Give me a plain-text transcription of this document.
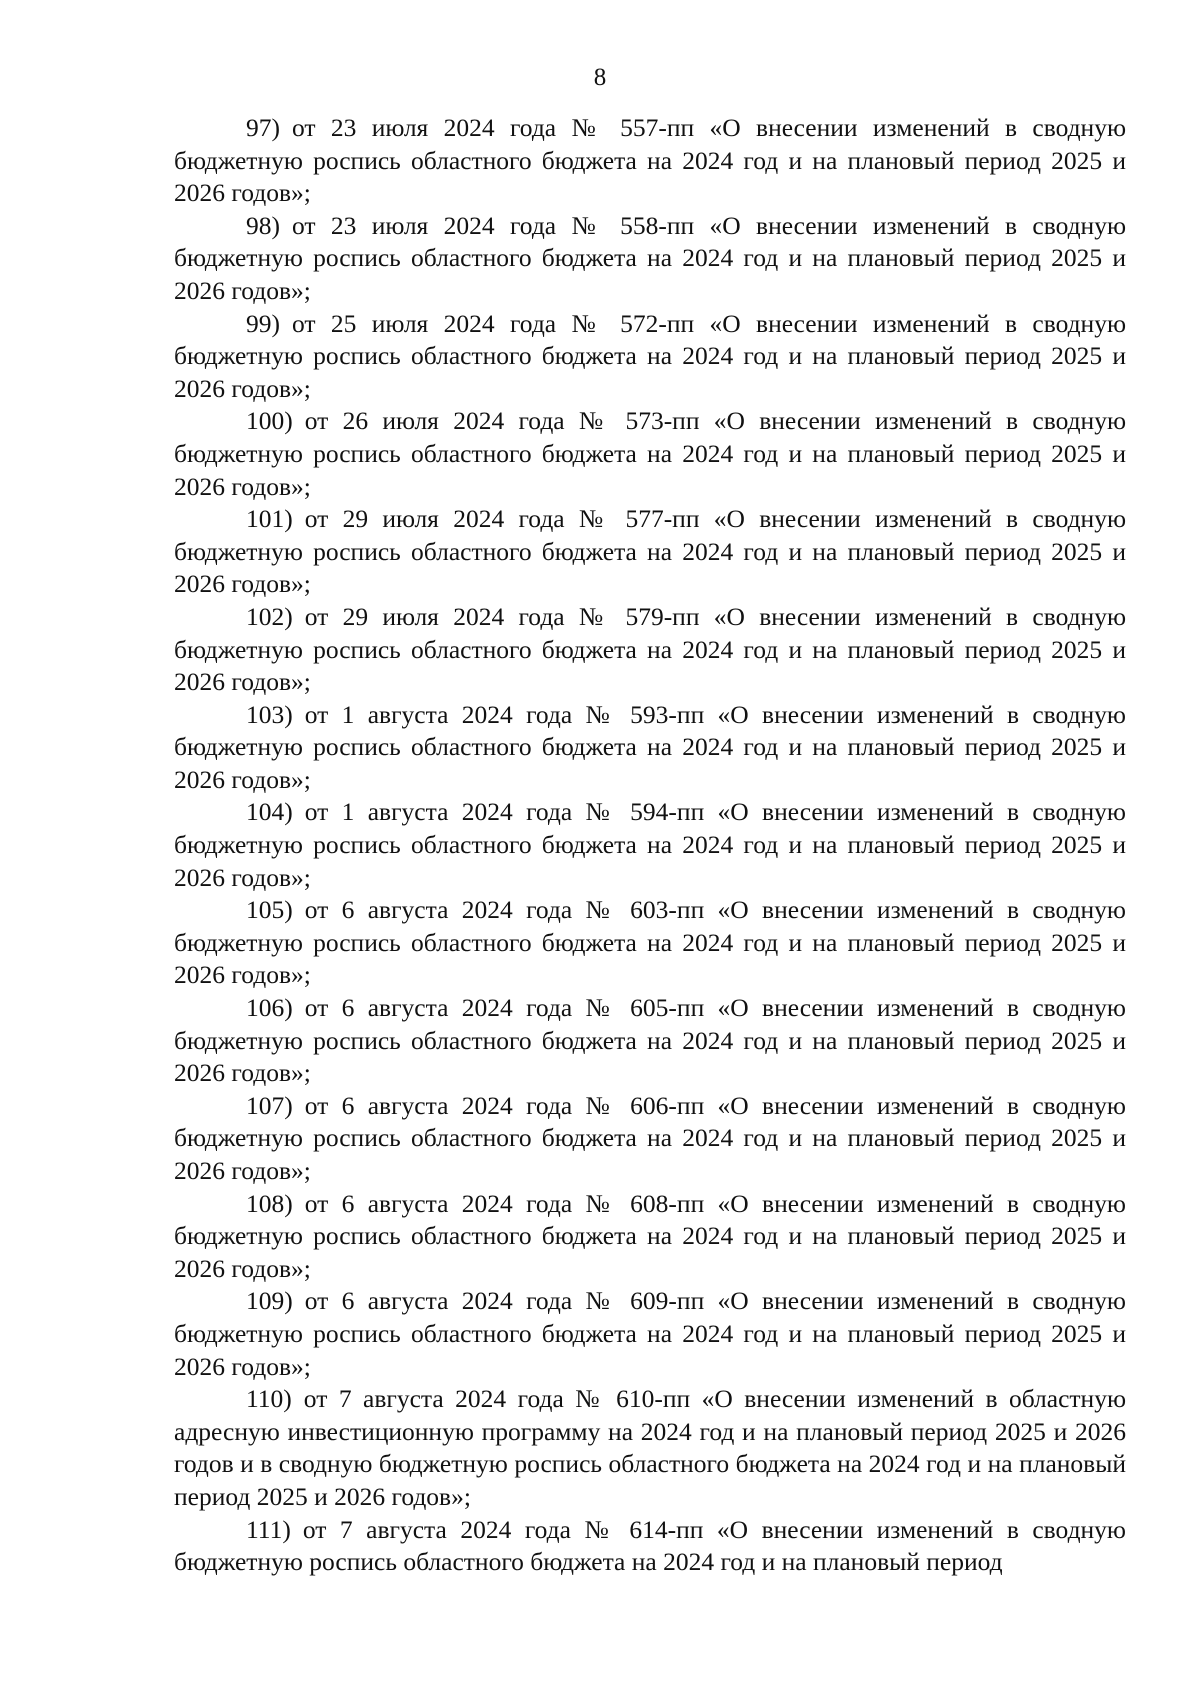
8

97) от 23 июля 2024 года № 557-пп «О внесении изменений в сводную бюджетную роспись областного бюджета на 2024 год и на плановый период 2025 и 2026 годов»;

98) от 23 июля 2024 года № 558-пп «О внесении изменений в сводную бюджетную роспись областного бюджета на 2024 год и на плановый период 2025 и 2026 годов»;

99) от 25 июля 2024 года № 572-пп «О внесении изменений в сводную бюджетную роспись областного бюджета на 2024 год и на плановый период 2025 и 2026 годов»;

100) от 26 июля 2024 года № 573-пп «О внесении изменений в сводную бюджетную роспись областного бюджета на 2024 год и на плановый период 2025 и 2026 годов»;

101) от 29 июля 2024 года № 577-пп «О внесении изменений в сводную бюджетную роспись областного бюджета на 2024 год и на плановый период 2025 и 2026 годов»;

102) от 29 июля 2024 года № 579-пп «О внесении изменений в сводную бюджетную роспись областного бюджета на 2024 год и на плановый период 2025 и 2026 годов»;

103) от 1 августа 2024 года № 593-пп «О внесении изменений в сводную бюджетную роспись областного бюджета на 2024 год и на плановый период 2025 и 2026 годов»;

104) от 1 августа 2024 года № 594-пп «О внесении изменений в сводную бюджетную роспись областного бюджета на 2024 год и на плановый период 2025 и 2026 годов»;

105) от 6 августа 2024 года № 603-пп «О внесении изменений в сводную бюджетную роспись областного бюджета на 2024 год и на плановый период 2025 и 2026 годов»;

106) от 6 августа 2024 года № 605-пп «О внесении изменений в сводную бюджетную роспись областного бюджета на 2024 год и на плановый период 2025 и 2026 годов»;

107) от 6 августа 2024 года № 606-пп «О внесении изменений в сводную бюджетную роспись областного бюджета на 2024 год и на плановый период 2025 и 2026 годов»;

108) от 6 августа 2024 года № 608-пп «О внесении изменений в сводную бюджетную роспись областного бюджета на 2024 год и на плановый период 2025 и 2026 годов»;

109) от 6 августа 2024 года № 609-пп «О внесении изменений в сводную бюджетную роспись областного бюджета на 2024 год и на плановый период 2025 и 2026 годов»;

110) от 7 августа 2024 года № 610-пп «О внесении изменений в областную адресную инвестиционную программу на 2024 год и на плановый период 2025 и 2026 годов и в сводную бюджетную роспись областного бюджета на 2024 год и на плановый период 2025 и 2026 годов»;

111) от 7 августа 2024 года № 614-пп «О внесении изменений в сводную бюджетную роспись областного бюджета на 2024 год и на плановый период
